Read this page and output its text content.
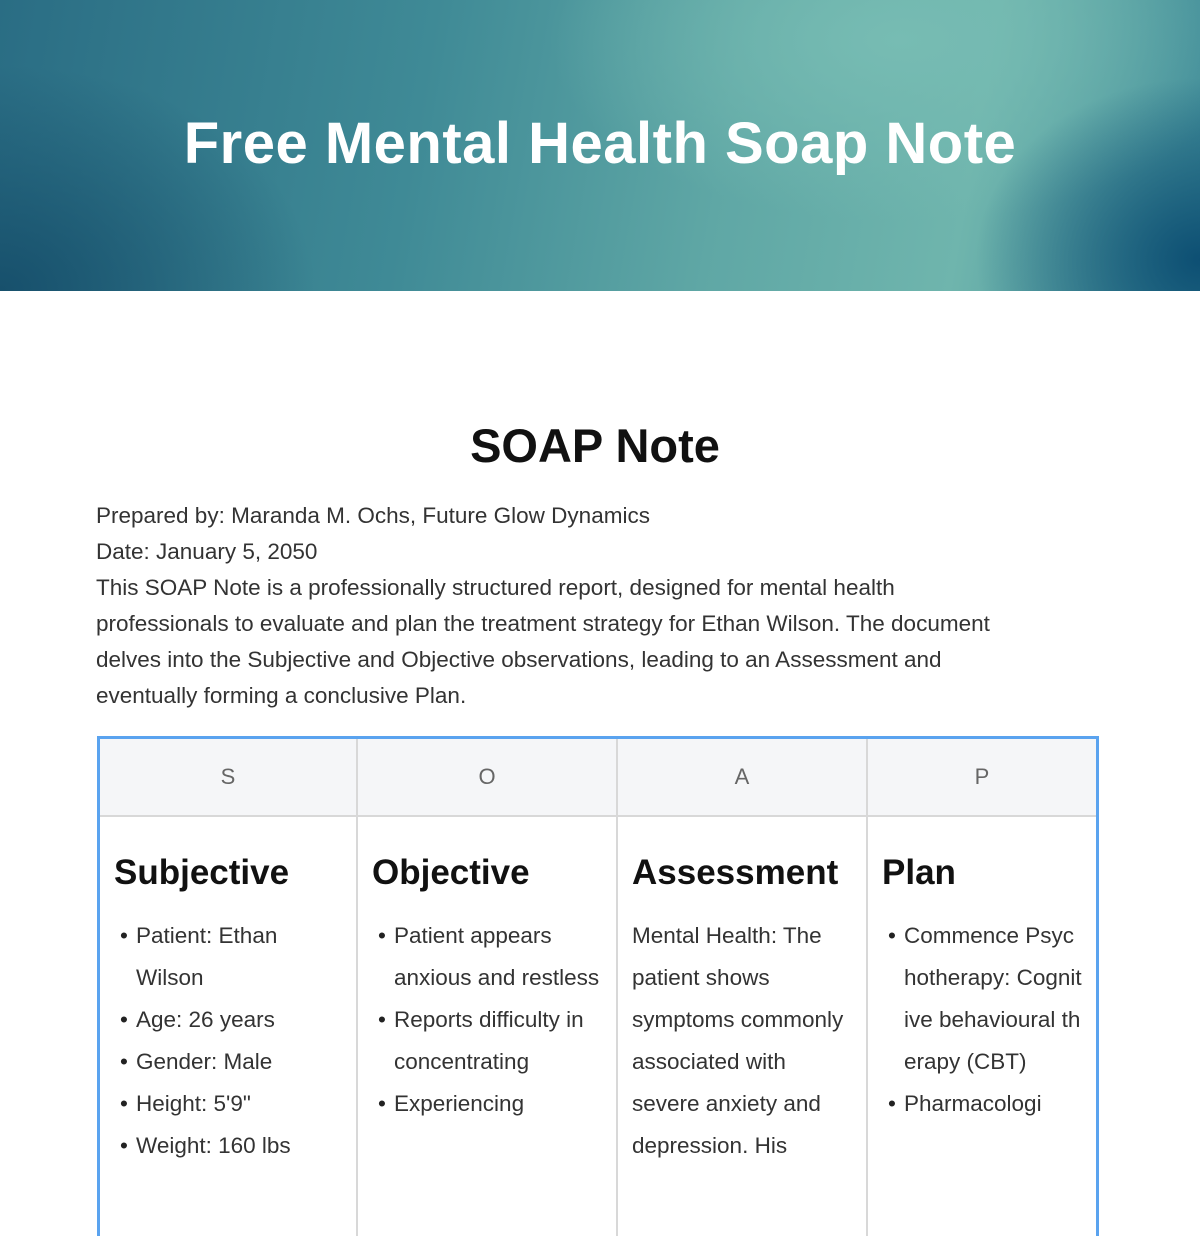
Free Mental Health Soap Note
SOAP Note

Prepared by: Maranda M. Ochs, Future Glow Dynamics

Date: January 5, 2050

This SOAP Note is a professionally structured report, designed for mental health professionals to evaluate and plan the treatment strategy for Ethan Wilson. The document delves into the Subjective and Objective observations, leading to an Assessment and eventually forming a conclusive Plan.

S
Subjective
• Patient: Ethan Wilson
• Age: 26 years
• Gender: Male
• Height: 5'9"
• Weight: 160 lbs
O
Objective
• Patient appears anxious and restless
• Reports difficulty in concentrating
• Experiencing
A
Assessment

Mental Health: The patient shows symptoms commonly associated with severe anxiety and depression. His

P
Plan
• Commence Psychotherapy: Cognitive behavioural therapy (CBT)
• Pharmacologi
